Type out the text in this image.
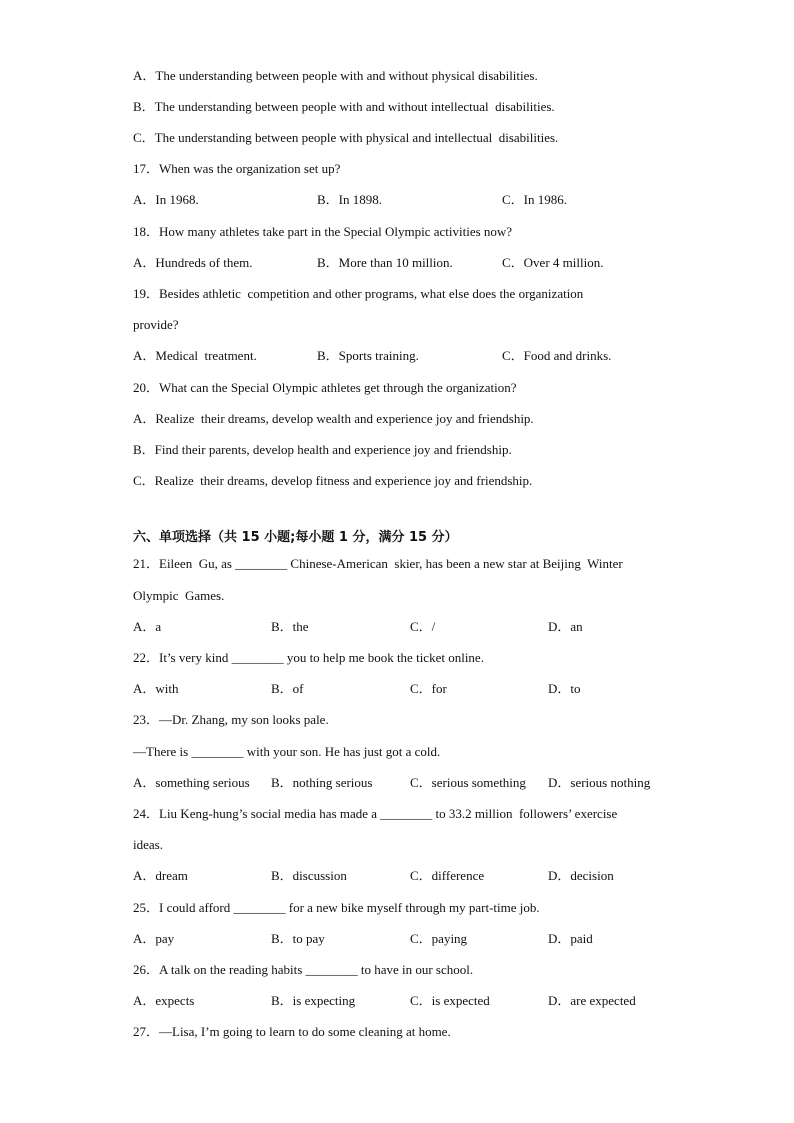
A．The understanding between people with and without physical disabilities.
B．The understanding between people with and without intellectual  disabilities.
C．The understanding between people with physical and intellectual  disabilities.
17．When was the organization set up?
A．In 1968.	B．In 1898.	C．In 1986.
18．How many athletes take part in the Special Olympic activities now?
A．Hundreds of them.	B．More than 10 million.	C．Over 4 million.
19．Besides athletic  competition and other programs, what else does the organization
provide?
A．Medical  treatment.	B．Sports training.	C．Food and drinks.
20．What can the Special Olympic athletes get through the organization?
A．Realize  their dreams, develop wealth and experience joy and friendship.
B．Find their parents, develop health and experience joy and friendship.
C．Realize  their dreams, develop fitness and experience joy and friendship.
六、单项选择（共 15 小题;每小题 1 分，满分 15 分）
21．Eileen  Gu, as ________ Chinese-American  skier, has been a new star at Beijing  Winter
Olympic  Games.
A．a	B．the	C．/	D．an
22．It’s very kind ________ you to help me book the ticket online.
A．with	B．of	C．for	D．to
23．—Dr. Zhang, my son looks pale.
—There is ________ with your son. He has just got a cold.
A．something serious B．nothing serious	C．serious something D．serious nothing
24．Liu Keng-hung’s social media has made a ________ to 33.2 million  followers’ exercise
ideas.
A．dream	B．discussion	C．difference	D．decision
25．I could afford ________ for a new bike myself through my part-time job.
A．pay	B．to pay	C．paying	D．paid
26．A talk on the reading habits ________ to have in our school.
A．expects	B．is expecting	C．is expected	D．are expected
27．—Lisa, I’m going to learn to do some cleaning at home.
